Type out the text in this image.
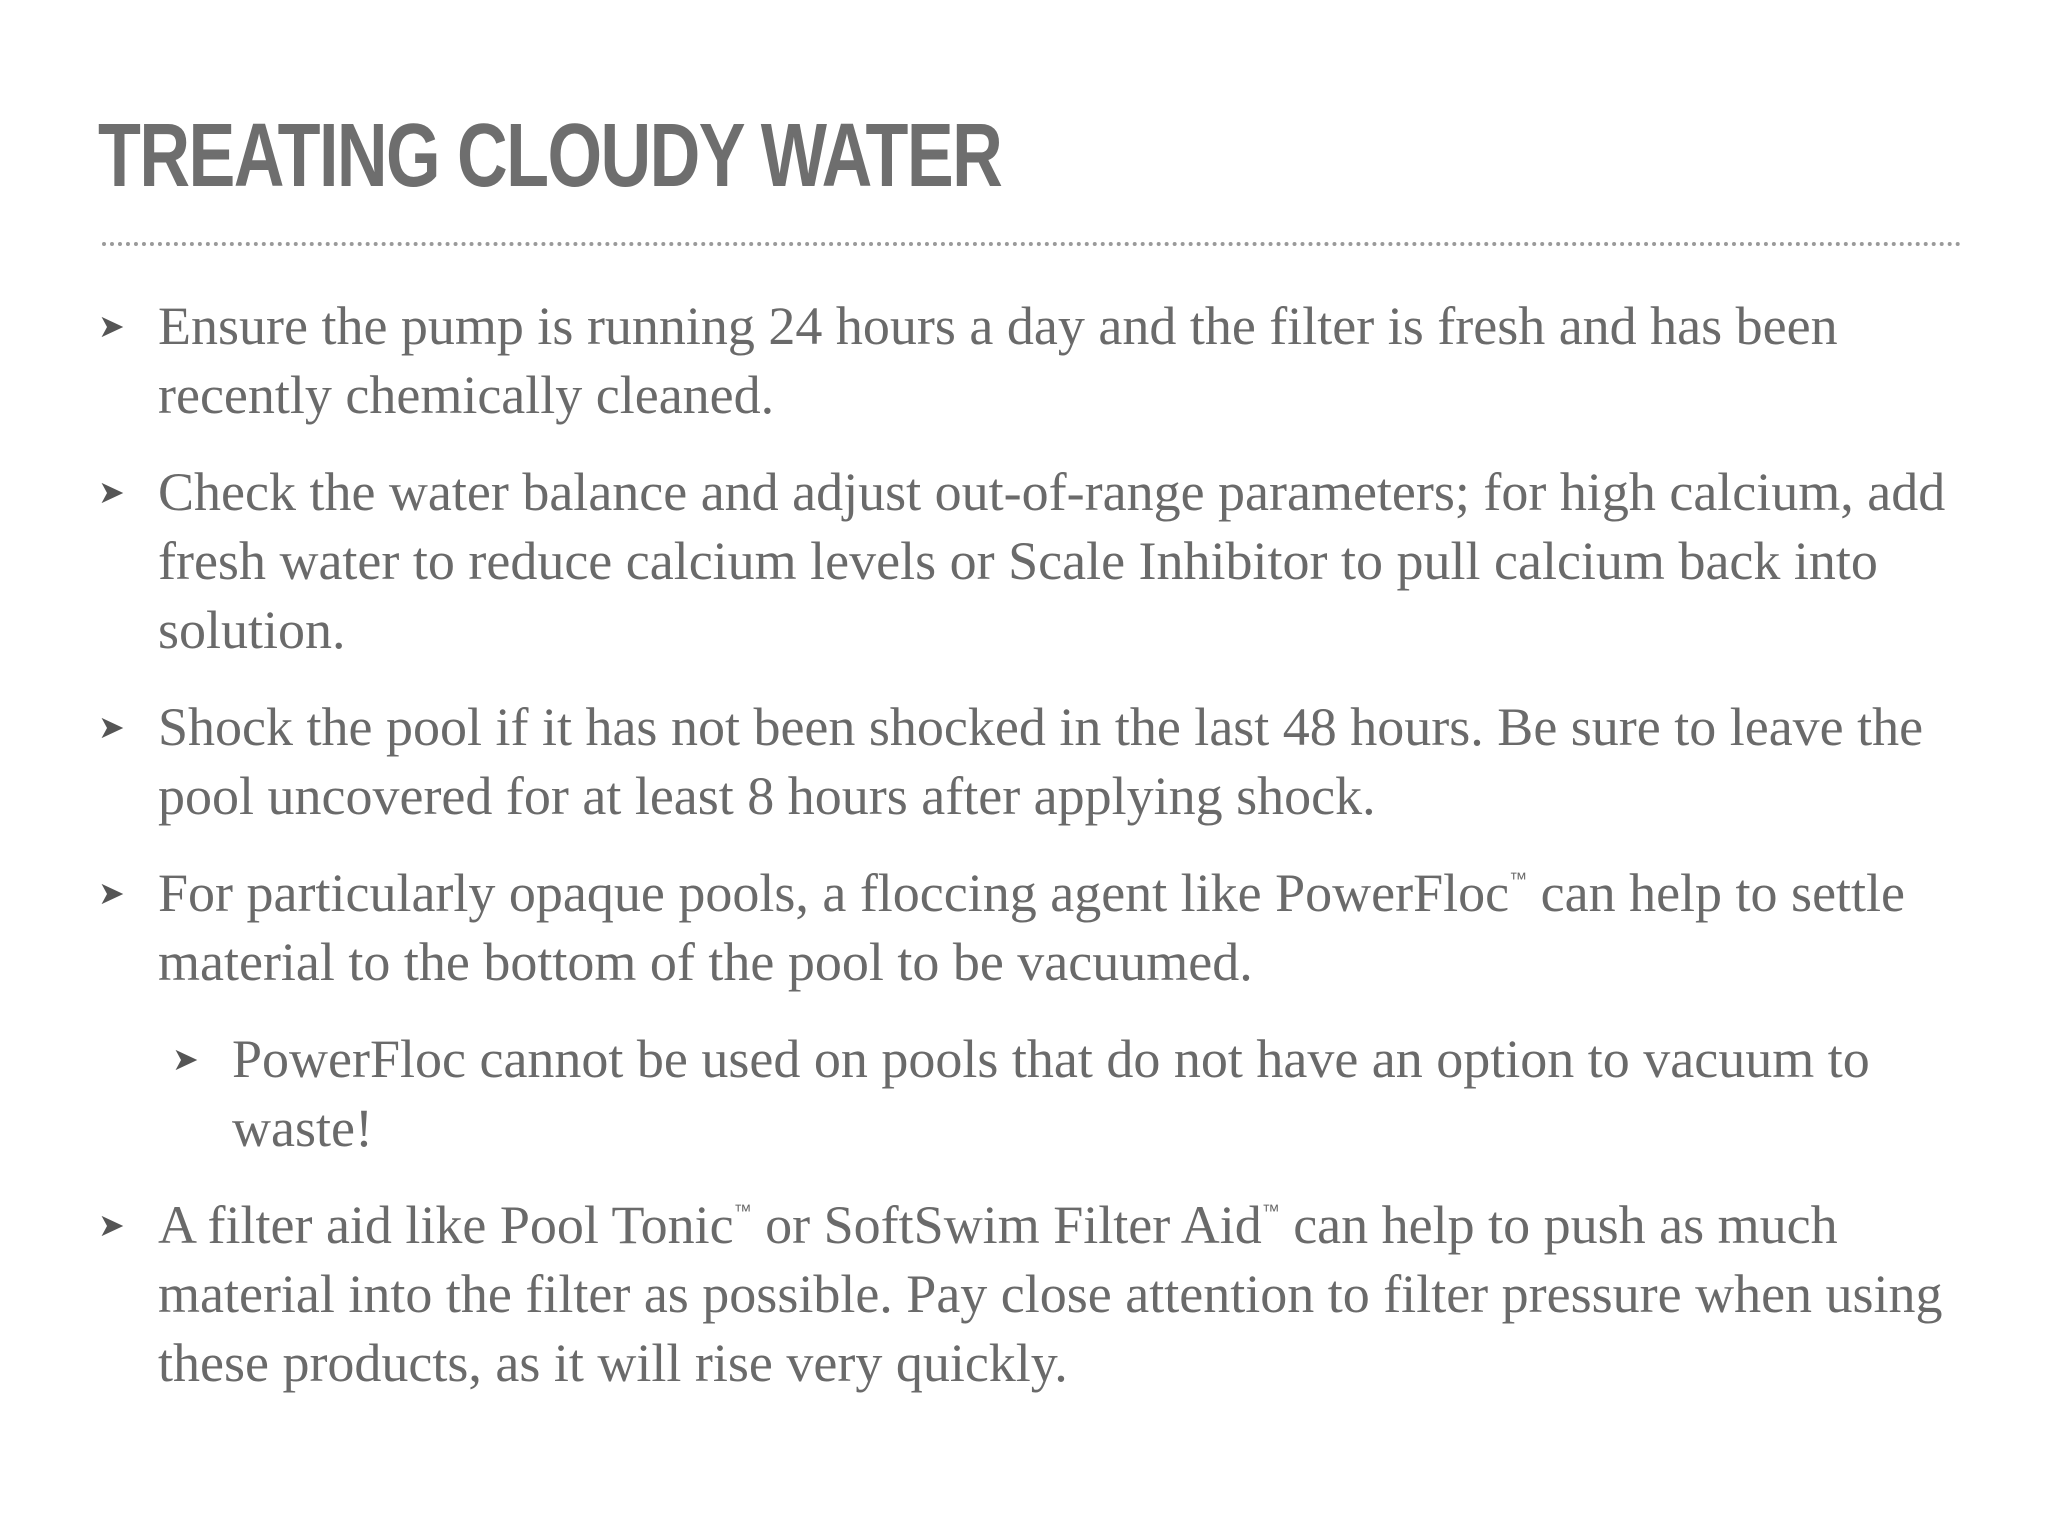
TREATING CLOUDY WATER
➤ Ensure the pump is running 24 hours a day and the filter is fresh and has been recently chemically cleaned.
➤ Check the water balance and adjust out-of-range parameters; for high calcium, add fresh water to reduce calcium levels or Scale Inhibitor to pull calcium back into solution.
➤ Shock the pool if it has not been shocked in the last 48 hours. Be sure to leave the pool uncovered for at least 8 hours after applying shock.
➤ For particularly opaque pools, a floccing agent like PowerFloc™ can help to settle material to the bottom of the pool to be vacuumed.
➤ PowerFloc cannot be used on pools that do not have an option to vacuum to waste!
➤ A filter aid like Pool Tonic™ or SoftSwim Filter Aid™ can help to push as much material into the filter as possible. Pay close attention to filter pressure when using these products, as it will rise very quickly.
